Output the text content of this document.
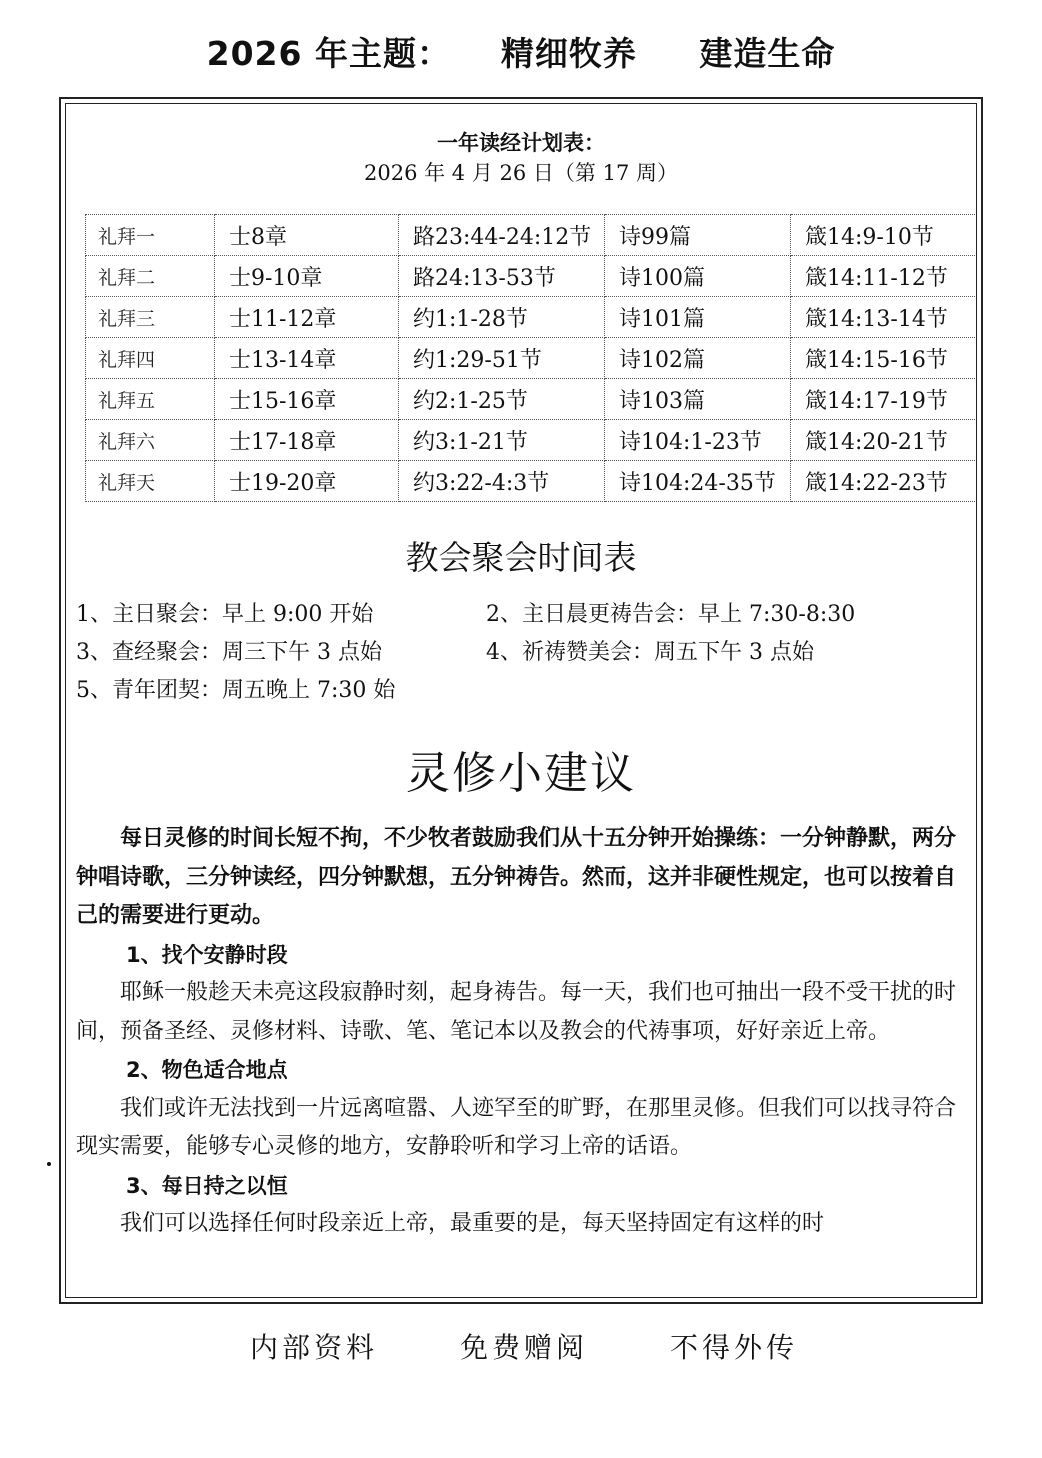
2026 年主题：    精细牧养     建造生命
一年读经计划表：
2026 年 4 月 26 日（第 17 周）
礼拜一	士8章	路23:44-24:12节	诗99篇	箴14:9-10节
礼拜二	士9-10章	路24:13-53节	诗100篇	箴14:11-12节
礼拜三	士11-12章	约1:1-28节	诗101篇	箴14:13-14节
礼拜四	士13-14章	约1:29-51节	诗102篇	箴14:15-16节
礼拜五	士15-16章	约2:1-25节	诗103篇	箴14:17-19节
礼拜六	士17-18章	约3:1-21节	诗104:1-23节	箴14:20-21节
礼拜天	士19-20章	约3:22-4:3节	诗104:24-35节	箴14:22-23节
教会聚会时间表

1、主日聚会：早上 9:00 开始

	2、主日晨更祷告会：早上 7:30-8:30

3、查经聚会：周三下午 3 点始

	4、祈祷赞美会：周五下午 3 点始

5、青年团契：周五晚上 7:30 始

灵修小建议

每日灵修的时间长短不拘，不少牧者鼓励我们从十五分钟开始操练：一分钟静默，两分钟唱诗歌，三分钟读经，四分钟默想，五分钟祷告。然而，这并非硬性规定，也可以按着自己的需要进行更动。

1、找个安静时段

耶稣一般趁天未亮这段寂静时刻，起身祷告。每一天，我们也可抽出一段不受干扰的时间，预备圣经、灵修材料、诗歌、笔、笔记本以及教会的代祷事项，好好亲近上帝。

2、物色适合地点

我们或许无法找到一片远离喧嚣、人迹罕至的旷野，在那里灵修。但我们可以找寻符合现实需要，能够专心灵修的地方，安静聆听和学习上帝的话语。

3、每日持之以恒

我们可以选择任何时段亲近上帝，最重要的是，每天坚持固定有这样的时

内部资料

	免费赠阅

	不得外传
